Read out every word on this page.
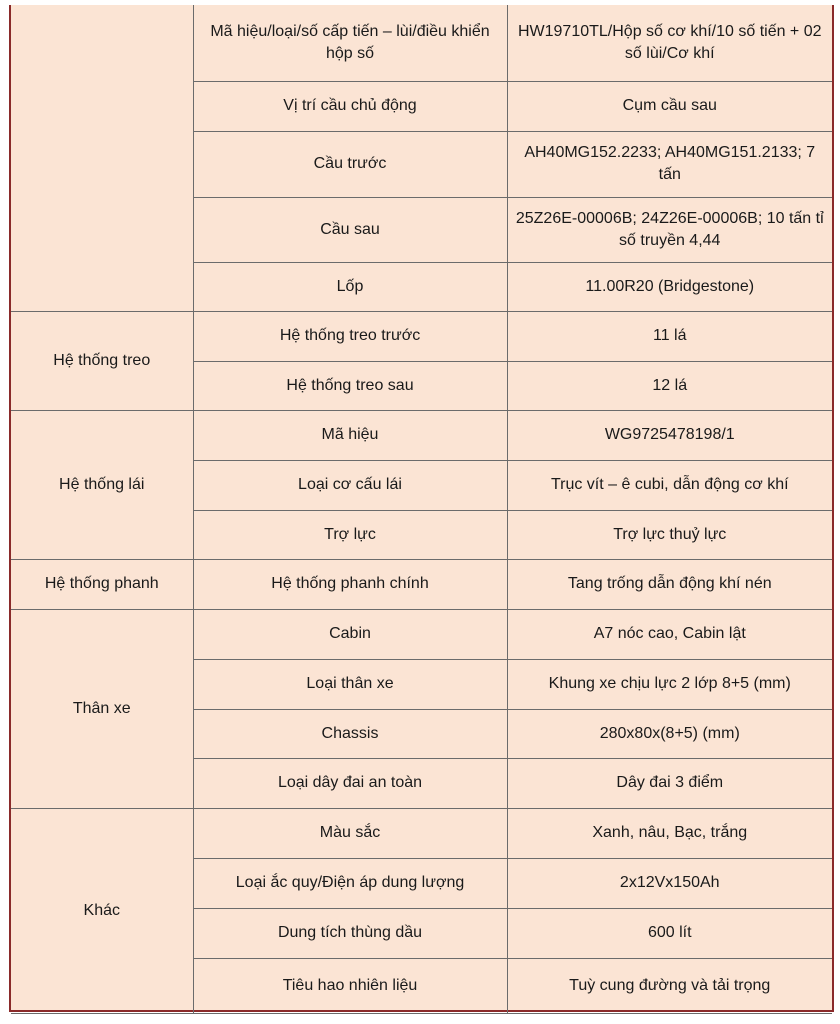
	Mã hiệu/loại/số cấp tiến – lùi/điều khiển hộp số	HW19710TL/Hộp số cơ khí/10 số tiến + 02 số lùi/Cơ khí
	Vị trí cầu chủ động	Cụm cầu sau
	Cầu trước	AH40MG152.2233; AH40MG151.2133; 7 tấn
	Cầu sau	25Z26E-00006B; 24Z26E-00006B; 10 tấn tỉ số truyền 4,44
	Lốp	11.00R20 (Bridgestone)
Hệ thống treo	Hệ thống treo trước	11 lá
	Hệ thống treo sau	12 lá
Hệ thống lái	Mã hiệu	WG9725478198/1
	Loại cơ cấu lái	Trục vít – ê cubi, dẫn động cơ khí
	Trợ lực	Trợ lực thuỷ lực
Hệ thống phanh	Hệ thống phanh chính	Tang trống dẫn động khí nén
Thân xe	Cabin	A7 nóc cao, Cabin lật
	Loại thân xe	Khung xe chịu lực 2 lớp 8+5 (mm)
	Chassis	280x80x(8+5) (mm)
	Loại dây đai an toàn	Dây đai 3 điểm
Khác	Màu sắc	Xanh, nâu, Bạc, trắng
	Loại ắc quy/Điện áp dung lượng	2x12Vx150Ah
	Dung tích thùng dầu	600 lít
	Tiêu hao nhiên liệu	Tuỳ cung đường và tải trọng
